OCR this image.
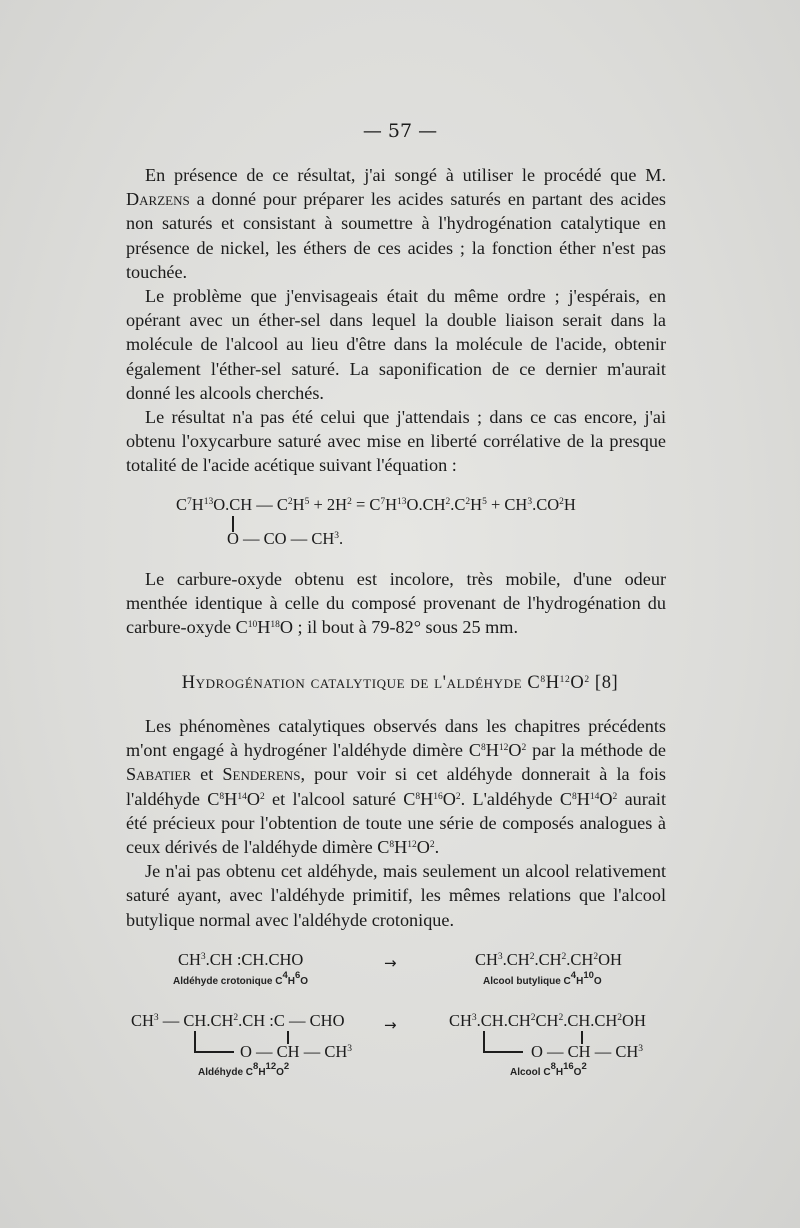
— 57 —

En présence de ce résultat, j'ai songé à utiliser le procédé que M. Darzens a donné pour préparer les acides saturés en partant des acides non saturés et consistant à soumettre à l'hydrogénation catalytique en présence de nickel, les éthers de ces acides ; la fonction éther n'est pas touchée.

Le problème que j'envisageais était du même ordre ; j'espérais, en opérant avec un éther-sel dans lequel la double liaison serait dans la molécule de l'alcool au lieu d'être dans la molécule de l'acide, obtenir également l'éther-sel saturé. La saponification de ce dernier m'aurait donné les alcools cherchés.

Le résultat n'a pas été celui que j'attendais ; dans ce cas encore, j'ai obtenu l'oxycarbure saturé avec mise en liberté corrélative de la presque totalité de l'acide acétique suivant l'équation :

$C^7H^{13}O.CH$ — $C^2H^5 + 2H^2 = C^7H^{13}O.CH^2.C^2H^5 + CH^3.CO^2H$
O — CO — $CH^3$.

Le carbure-oxyde obtenu est incolore, très mobile, d'une odeur menthée identique à celle du composé provenant de l'hydrogénation du carbure-oxyde $C^{10}H^{18}O$ ; il bout à 79-82° sous 25 mm.

Hydrogénation catalytique de l'aldéhyde $C^8H^{12}O^2$ [8]

Les phénomènes catalytiques observés dans les chapitres précédents m'ont engagé à hydrogéner l'aldéhyde dimère $C^8H^{12}O^2$ par la méthode de Sabatier et Senderens, pour voir si cet aldéhyde donnerait à la fois l'aldéhyde $C^8H^{14}O^2$ et l'alcool saturé $C^8H^{16}O^2$. L'aldéhyde $C^8H^{14}O^2$ aurait été précieux pour l'obtention de toute une série de composés analogues à ceux dérivés de l'aldéhyde dimère $C^8H^{12}O^2$.

Je n'ai pas obtenu cet aldéhyde, mais seulement un alcool relativement saturé ayant, avec l'aldéhyde primitif, les mêmes relations que l'alcool butylique normal avec l'aldéhyde crotonique.

$CH^3.CH$ :CH.CHO
Aldéhyde crotonique $C^4H^6O$
→	$CH^3.CH^2.CH^2.CH^2OH$
Alcool butylique $C^4H^{10}O$
$CH^3$ — $CH.CH^2.CH$ :C — CHO
O — CH — $CH^3$
Aldéhyde $C^8H^{12}O^2$
→	$CH^3.CH.CH^2CH^2.CH.CH^2OH$
O — CH — $CH^3$
Alcool $C^8H^{16}O^2$
